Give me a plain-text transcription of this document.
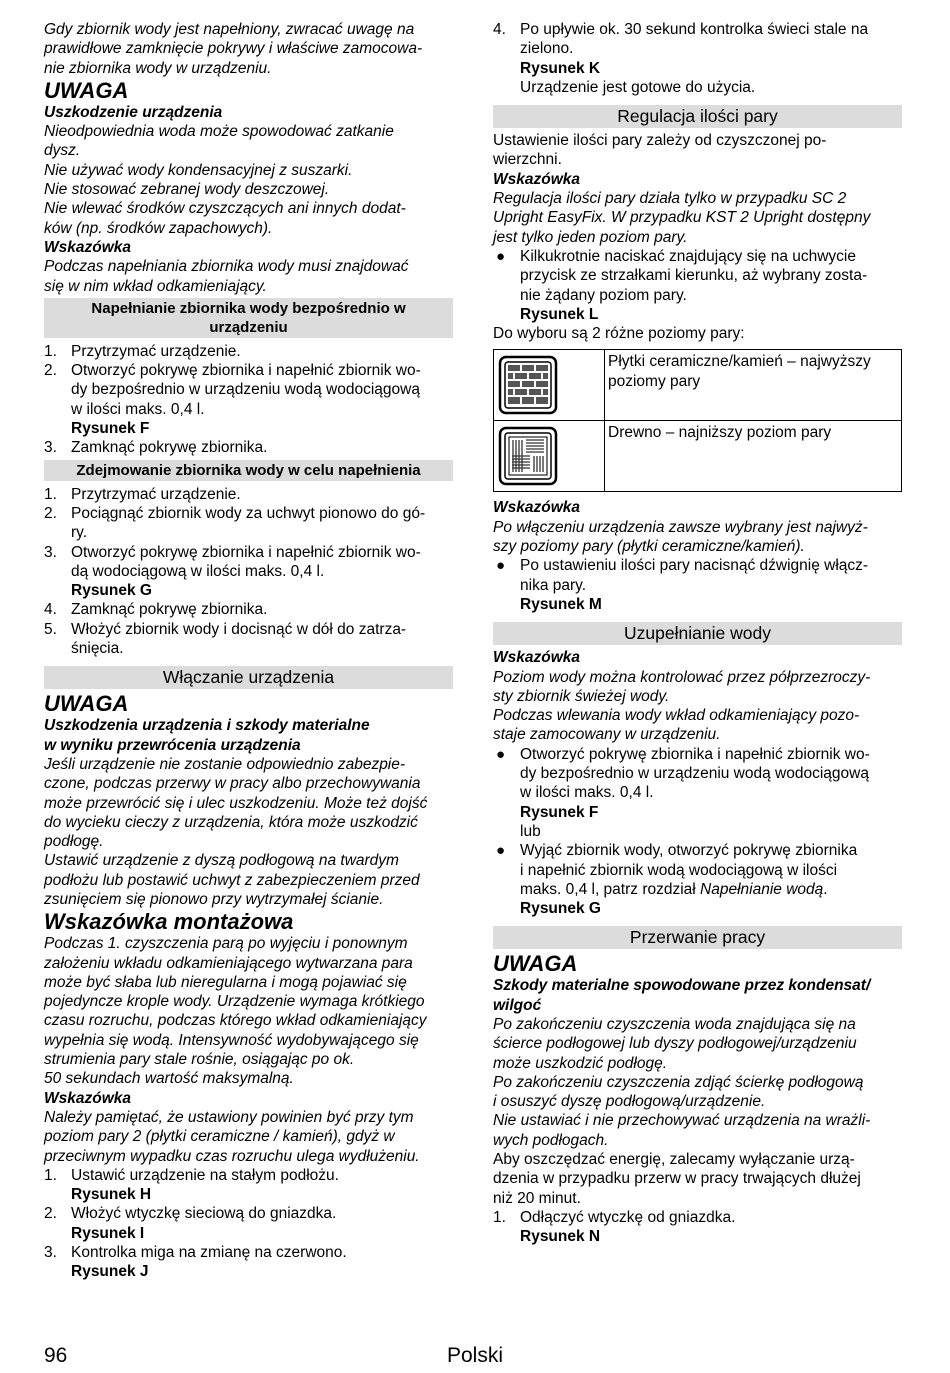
Gdy zbiornik wody jest napełniony, zwracać uwagę na

prawidłowe zamknięcie pokrywy i właściwe zamocowa-

nie zbiornika wody w urządzeniu.

UWAGA

Uszkodzenie urządzenia

Nieodpowiednia woda może spowodować zatkanie

dysz.

Nie używać wody kondensacyjnej z suszarki.

Nie stosować zebranej wody deszczowej.

Nie wlewać środków czyszczących ani innych dodat-

ków (np. środków zapachowych).

Wskazówka

Podczas napełniania zbiornika wody musi znajdować

się w nim wkład odkamieniający.

Napełnianie zbiornika wody bezpośrednio w
urządzeniu
1. Przytrzymać urządzenie.

2. Otworzyć pokrywę zbiornika i napełnić zbiornik wo-

dy bezpośrednio w urządzeniu wodą wodociągową

w ilości maks. 0,4 l.

Rysunek F

3. Zamknąć pokrywę zbiornika.

Zdejmowanie zbiornika wody w celu napełnienia
1. Przytrzymać urządzenie.

2. Pociągnąć zbiornik wody za uchwyt pionowo do gó-

ry.

3. Otworzyć pokrywę zbiornika i napełnić zbiornik wo-

dą wodociągową w ilości maks. 0,4 l.

Rysunek G

4. Zamknąć pokrywę zbiornika.

5. Włożyć zbiornik wody i docisnąć w dół do zatrza-

śnięcia.

Włączanie urządzenia

UWAGA

Uszkodzenia urządzenia i szkody materialne

w wyniku przewrócenia urządzenia

Jeśli urządzenie nie zostanie odpowiednio zabezpie-

czone, podczas przerwy w pracy albo przechowywania

może przewrócić się i ulec uszkodzeniu. Może też dojść

do wycieku cieczy z urządzenia, która może uszkodzić

podłogę.

Ustawić urządzenie z dyszą podłogową na twardym

podłożu lub postawić uchwyt z zabezpieczeniem przed

zsunięciem się pionowo przy wytrzymałej ścianie.

Wskazówka montażowa

Podczas 1. czyszczenia parą po wyjęciu i ponownym

założeniu wkładu odkamieniającego wytwarzana para

może być słaba lub nieregularna i mogą pojawiać się

pojedyncze krople wody. Urządzenie wymaga krótkiego

czasu rozruchu, podczas którego wkład odkamieniający

wypełnia się wodą. Intensywność wydobywającego się

strumienia pary stale rośnie, osiągając po ok.

50 sekundach wartość maksymalną.

Wskazówka

Należy pamiętać, że ustawiony powinien być przy tym

poziom pary 2 (płytki ceramiczne / kamień), gdyż w

przeciwnym wypadku czas rozruchu ulega wydłużeniu.

1. Ustawić urządzenie na stałym podłożu.

Rysunek H

2. Włożyć wtyczkę sieciową do gniazdka.

Rysunek I

3. Kontrolka miga na zmianę na czerwono.

Rysunek J

4. Po upływie ok. 30 sekund kontrolka świeci stale na

zielono.

Rysunek K

Urządzenie jest gotowe do użycia.

Regulacja ilości pary

Ustawienie ilości pary zależy od czyszczonej po-

wierzchni.

Wskazówka

Regulacja ilości pary działa tylko w przypadku SC 2

Upright EasyFix. W przypadku KST 2 Upright dostępny

jest tylko jeden poziom pary.

● Kilkukrotnie naciskać znajdujący się na uchwycie

przycisk ze strzałkami kierunku, aż wybrany zosta-

nie żądany poziom pary.

Rysunek L

Do wyboru są 2 różne poziomy pary:

Płytki ceramiczne/kamień – najwyższy

poziomy pary

Drewno – najniższy poziom pary

Wskazówka

Po włączeniu urządzenia zawsze wybrany jest najwyż-

szy poziomy pary (płytki ceramiczne/kamień).

● Po ustawieniu ilości pary nacisnąć dźwignię włącz-

nika pary.

Rysunek M

Uzupełnianie wody

Wskazówka

Poziom wody można kontrolować przez półprzezroczy-

sty zbiornik świeżej wody.

Podczas wlewania wody wkład odkamieniający pozo-

staje zamocowany w urządzeniu.

● Otworzyć pokrywę zbiornika i napełnić zbiornik wo-

dy bezpośrednio w urządzeniu wodą wodociągową

w ilości maks. 0,4 l.

Rysunek F

lub

● Wyjąć zbiornik wody, otworzyć pokrywę zbiornika

i napełnić zbiornik wodą wodociągową w ilości

maks. 0,4 l, patrz rozdział Napełnianie wodą.

Rysunek G

Przerwanie pracy

UWAGA

Szkody materialne spowodowane przez kondensat/

wilgoć

Po zakończeniu czyszczenia woda znajdująca się na

ścierce podłogowej lub dyszy podłogowej/urządzeniu

może uszkodzić podłogę.

Po zakończeniu czyszczenia zdjąć ścierkę podłogową

i osuszyć dyszę podłogową/urządzenie.

Nie ustawiać i nie przechowywać urządzenia na wrażli-

wych podłogach.

Aby oszczędzać energię, zalecamy wyłączanie urzą-

dzenia w przypadku przerw w pracy trwających dłużej

niż 20 minut.

1. Odłączyć wtyczkę od gniazdka.

Rysunek N

96	Polski
